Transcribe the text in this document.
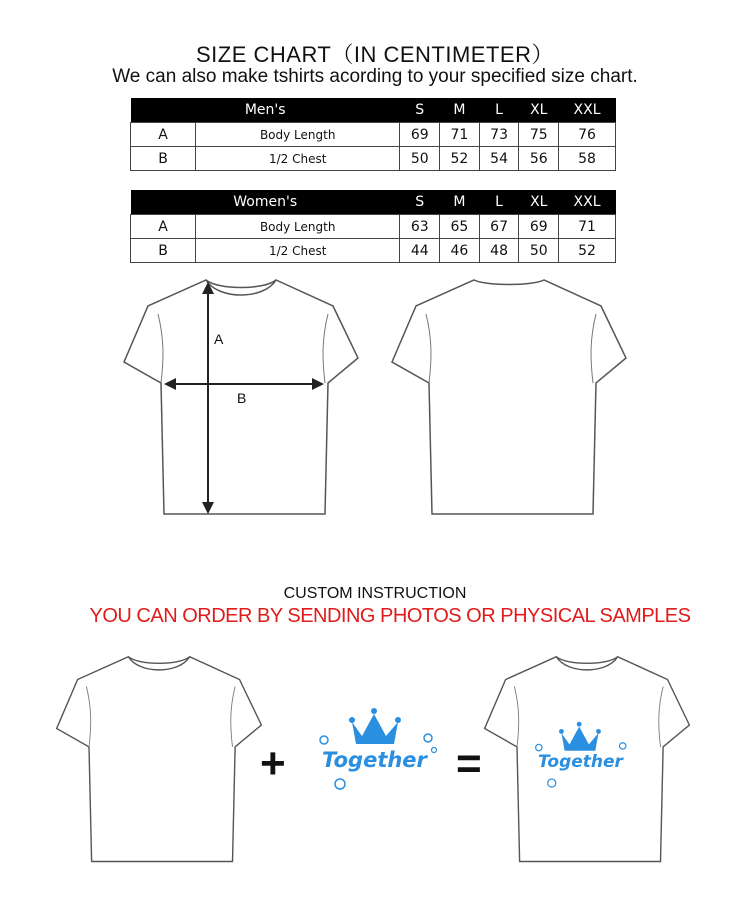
SIZE CHART（IN CENTIMETER）
We can also make tshirts acording to your specified size chart.
Men's		S	M	L	XL	XXL
A	Body Length	69	71	73	75	76
B	1/2 Chest	50	52	54	56	58
Women's		S	M	L	XL	XXL
A	Body Length	63	65	67	69	71
B	1/2 Chest	44	46	48	50	52
A
B
CUSTOM INSTRUCTION
YOU CAN ORDER BY SENDING PHOTOS OR PHYSICAL SAMPLES
+ Together =	Together
